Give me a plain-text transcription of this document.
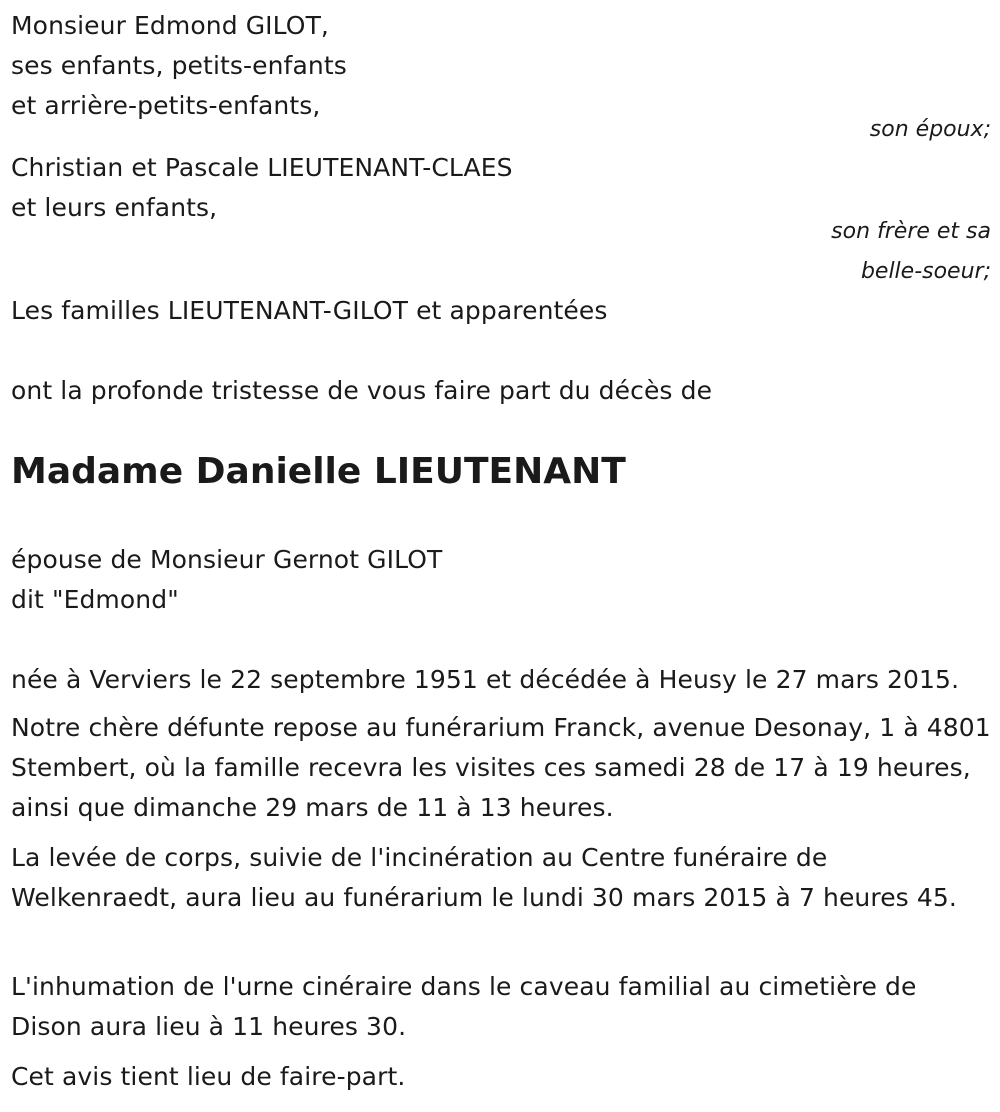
Monsieur Edmond GILOT,
ses enfants, petits-enfants
et arrière-petits-enfants,
son époux;
Christian et Pascale LIEUTENANT-CLAES
et leurs enfants,
son frère et sa
belle-soeur;
Les familles LIEUTENANT-GILOT et apparentées
ont la profonde tristesse de vous faire part du décès de
Madame Danielle LIEUTENANT
épouse de Monsieur Gernot GILOT
dit "Edmond"
née à Verviers le 22 septembre 1951 et décédée à Heusy le 27 mars 2015.
Notre chère défunte repose au funérarium Franck, avenue Desonay, 1 à 4801 Stembert, où la famille recevra les visites ces samedi 28 de 17 à 19 heures, ainsi que dimanche 29 mars de 11 à 13 heures.
La levée de corps, suivie de l'incinération au Centre funéraire de Welkenraedt, aura lieu au funérarium le lundi 30 mars 2015 à 7 heures 45.
L'inhumation de l'urne cinéraire dans le caveau familial au cimetière de Dison aura lieu à 11 heures 30.
Cet avis tient lieu de faire-part.
